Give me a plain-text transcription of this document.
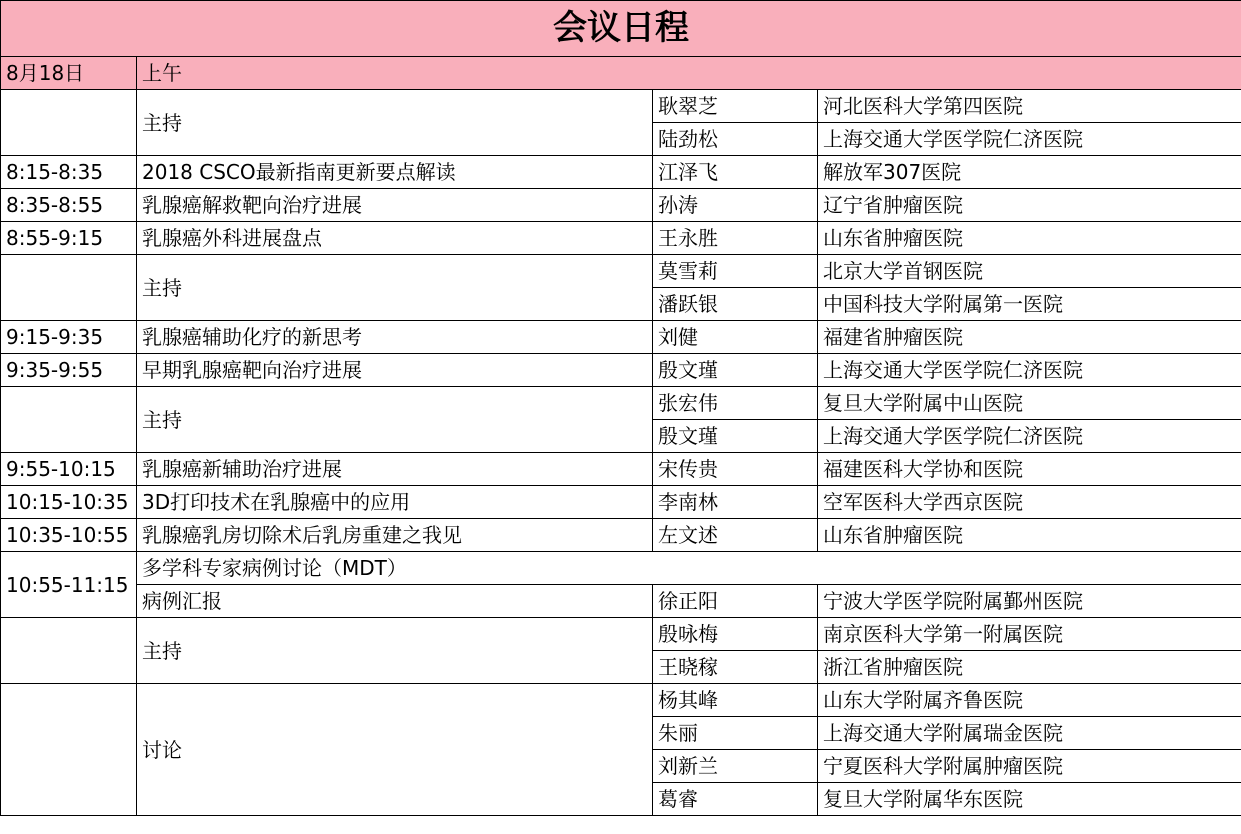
会议日程			
8月18日	上午		
	主持	耿翠芝	河北医科大学第四医院
		陆劲松	上海交通大学医学院仁济医院
8:15-8:35	2018 CSCO最新指南更新要点解读	江泽飞	解放军307医院
8:35-8:55	乳腺癌解救靶向治疗进展	孙涛	辽宁省肿瘤医院
8:55-9:15	乳腺癌外科进展盘点	王永胜	山东省肿瘤医院
	主持	莫雪莉	北京大学首钢医院
		潘跃银	中国科技大学附属第一医院
9:15-9:35	乳腺癌辅助化疗的新思考	刘健	福建省肿瘤医院
9:35-9:55	早期乳腺癌靶向治疗进展	殷文瑾	上海交通大学医学院仁济医院
	主持	张宏伟	复旦大学附属中山医院
		殷文瑾	上海交通大学医学院仁济医院
9:55-10:15	乳腺癌新辅助治疗进展	宋传贵	福建医科大学协和医院
10:15-10:35	3D打印技术在乳腺癌中的应用	李南林	空军医科大学西京医院
10:35-10:55	乳腺癌乳房切除术后乳房重建之我见	左文述	山东省肿瘤医院
10:55-11:15	多学科专家病例讨论（MDT）		
	病例汇报	徐正阳	宁波大学医学院附属鄞州医院
	主持	殷咏梅	南京医科大学第一附属医院
		王晓稼	浙江省肿瘤医院
	讨论	杨其峰	山东大学附属齐鲁医院
		朱丽	上海交通大学附属瑞金医院
		刘新兰	宁夏医科大学附属肿瘤医院
		葛睿	复旦大学附属华东医院
